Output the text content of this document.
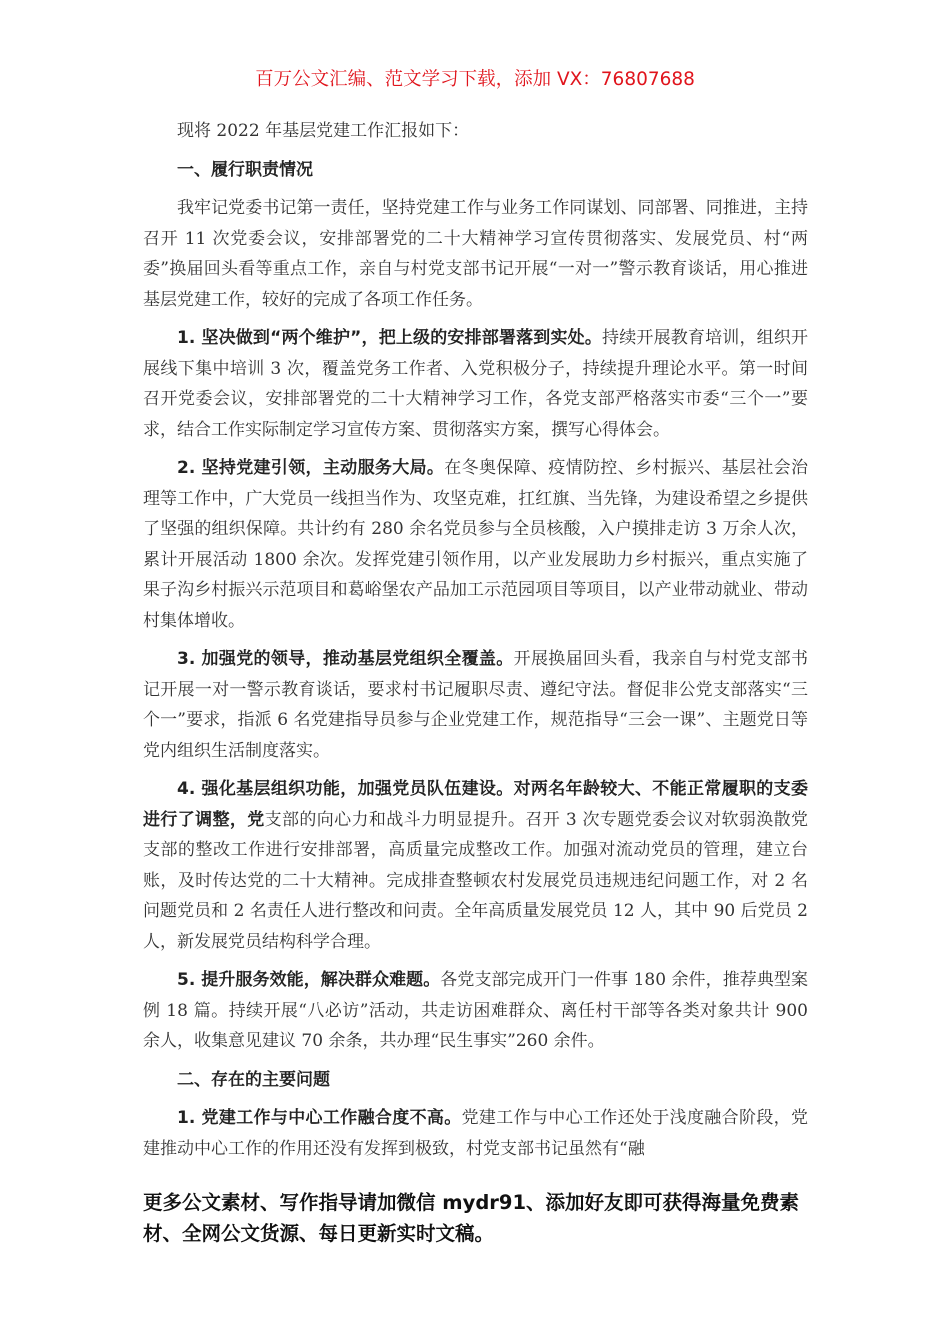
百万公文汇编、范文学习下载，添加 VX：76807688

现将 2022 年基层党建工作汇报如下：

一、履行职责情况

我牢记党委书记第一责任，坚持党建工作与业务工作同谋划、同部署、同推进，主持召开 11 次党委会议，安排部署党的二十大精神学习宣传贯彻落实、发展党员、村“两委”换届回头看等重点工作，亲自与村党支部书记开展“一对一”警示教育谈话，用心推进基层党建工作，较好的完成了各项工作任务。

1. 坚决做到“两个维护”，把上级的安排部署落到实处。持续开展教育培训，组织开展线下集中培训 3 次，覆盖党务工作者、入党积极分子，持续提升理论水平。第一时间召开党委会议，安排部署党的二十大精神学习工作，各党支部严格落实市委“三个一”要求，结合工作实际制定学习宣传方案、贯彻落实方案，撰写心得体会。

2. 坚持党建引领，主动服务大局。在冬奥保障、疫情防控、乡村振兴、基层社会治理等工作中，广大党员一线担当作为、攻坚克难，扛红旗、当先锋，为建设希望之乡提供了坚强的组织保障。共计约有 280 余名党员参与全员核酸，入户摸排走访 3 万余人次，累计开展活动 1800 余次。发挥党建引领作用，以产业发展助力乡村振兴，重点实施了果子沟乡村振兴示范项目和葛峪堡农产品加工示范园项目等项目，以产业带动就业、带动村集体增收。

3. 加强党的领导，推动基层党组织全覆盖。开展换届回头看，我亲自与村党支部书记开展一对一警示教育谈话，要求村书记履职尽责、遵纪守法。督促非公党支部落实“三个一”要求，指派 6 名党建指导员参与企业党建工作，规范指导“三会一课”、主题党日等党内组织生活制度落实。

4. 强化基层组织功能，加强党员队伍建设。对两名年龄较大、不能正常履职的支委进行了调整，党支部的向心力和战斗力明显提升。召开 3 次专题党委会议对软弱涣散党支部的整改工作进行安排部署，高质量完成整改工作。加强对流动党员的管理，建立台账，及时传达党的二十大精神。完成排查整顿农村发展党员违规违纪问题工作，对 2 名问题党员和 2 名责任人进行整改和问责。全年高质量发展党员 12 人，其中 90 后党员 2 人，新发展党员结构科学合理。

5. 提升服务效能，解决群众难题。各党支部完成开门一件事 180 余件，推荐典型案例 18 篇。持续开展“八必访”活动，共走访困难群众、离任村干部等各类对象共计 900 余人，收集意见建议 70 余条，共办理“民生事实”260 余件。

二、存在的主要问题

1. 党建工作与中心工作融合度不高。党建工作与中心工作还处于浅度融合阶段，党建推动中心工作的作用还没有发挥到极致，村党支部书记虽然有“融

更多公文素材、写作指导请加微信 mydr91、添加好友即可获得海量免费素材、全网公文货源、每日更新实时文稿。
